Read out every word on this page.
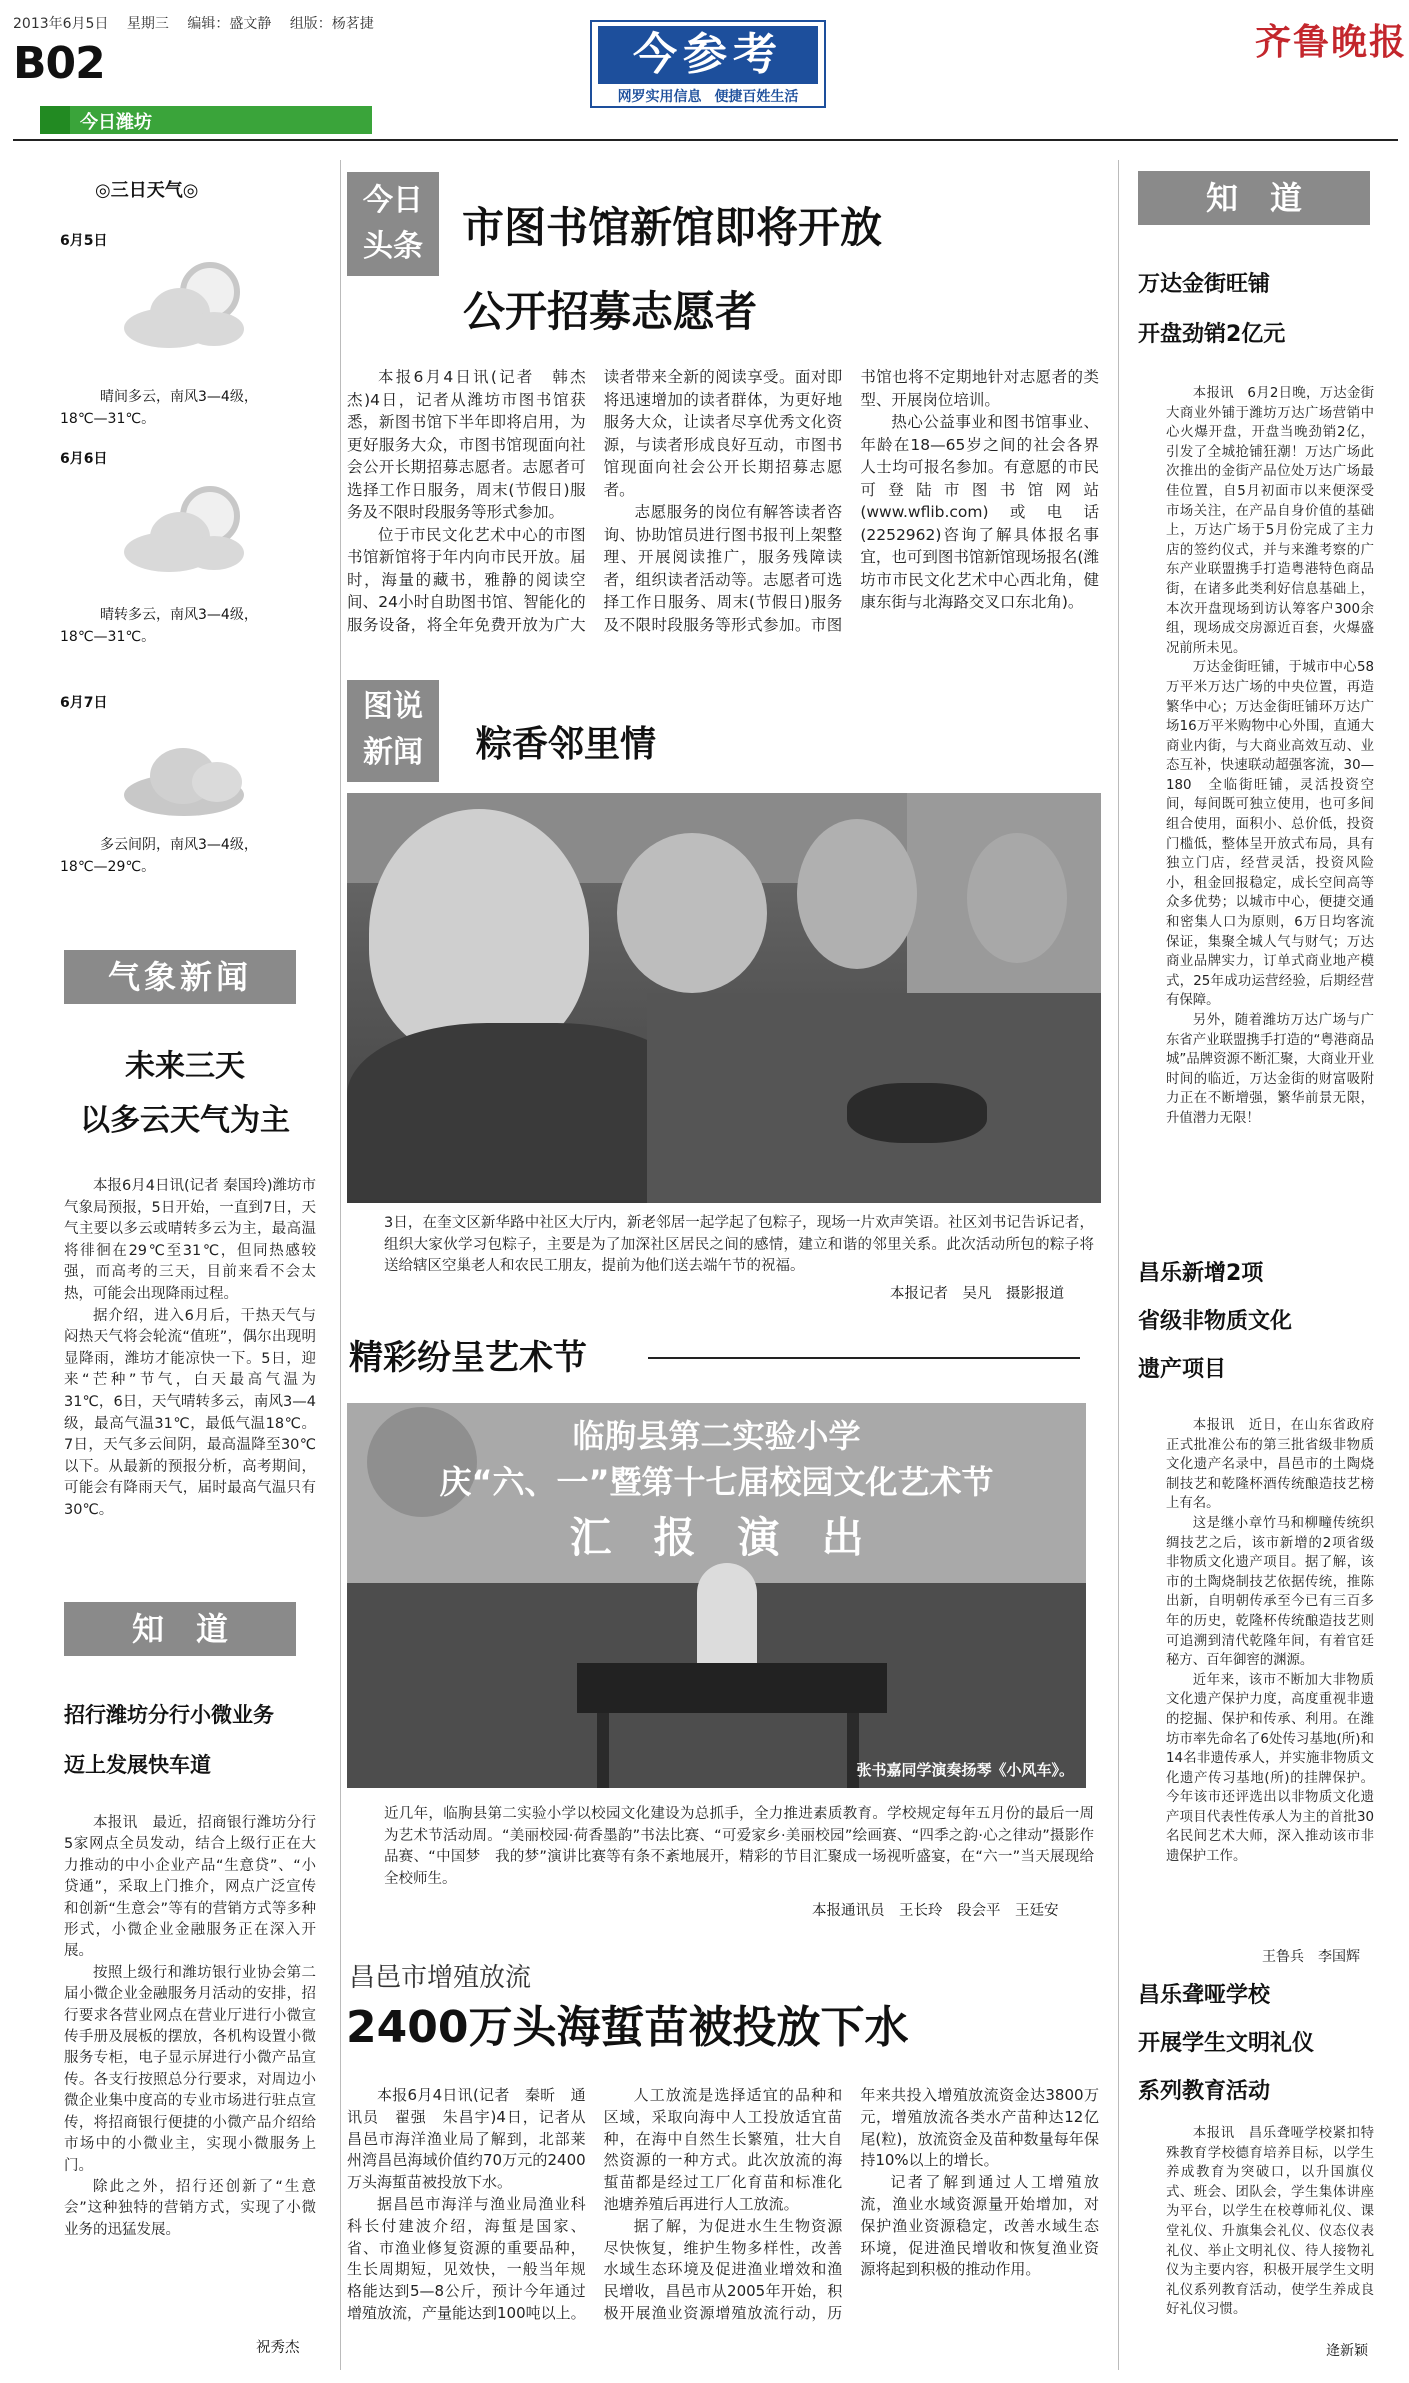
2013年6月5日 星期三 编辑：盛文静 组版：杨茗捷
B02
今日潍坊
今参考
网罗实用信息 便捷百姓生活
齐鲁晚报
◎三日天气◎
6月5日
晴间多云，南风3—4级，
18℃—31℃。
6月6日
晴转多云，南风3—4级，
18℃—31℃。
6月7日
多云间阴，南风3—4级，
18℃—29℃。
气象新闻
未来三天
以多云天气为主

本报6月4日讯(记者 秦国玲)潍坊市气象局预报，5日开始，一直到7日，天气主要以多云或晴转多云为主，最高温将徘徊在29℃至31℃，但同热感较强，而高考的三天，目前来看不会太热，可能会出现降雨过程。

据介绍，进入6月后，干热天气与闷热天气将会轮流“值班”，偶尔出现明显降雨，潍坊才能凉快一下。5日，迎来“芒种”节气，白天最高气温为31℃，6日，天气晴转多云，南风3—4级，最高气温31℃，最低气温18℃。7日，天气多云间阴，最高温降至30℃以下。从最新的预报分析，高考期间，可能会有降雨天气，届时最高气温只有30℃。

知　道
招行潍坊分行小微业务
迈上发展快车道

本报讯　最近，招商银行潍坊分行5家网点全员发动，结合上级行正在大力推动的中小企业产品“生意贷”、“小贷通”，采取上门推介，网点广泛宣传和创新“生意会”等有的营销方式等多种形式，小微企业金融服务正在深入开展。

按照上级行和潍坊银行业协会第二届小微企业金融服务月活动的安排，招行要求各营业网点在营业厅进行小微宣传手册及展板的摆放，各机构设置小微服务专柜，电子显示屏进行小微产品宣传。各支行按照总分行要求，对周边小微企业集中度高的专业市场进行驻点宣传，将招商银行便捷的小微产品介绍给市场中的小微业主，实现小微服务上门。

除此之外，招行还创新了“生意会”这种独特的营销方式，实现了小微业务的迅猛发展。

祝秀杰
今日
头条 市图书馆新馆即将开放
公开招募志愿者

本报6月4日讯(记者　韩杰杰)4日，记者从潍坊市图书馆获悉，新图书馆下半年即将启用，为更好服务大众，市图书馆现面向社会公开长期招募志愿者。志愿者可选择工作日服务，周末(节假日)服务及不限时段服务等形式参加。

位于市民文化艺术中心的市图书馆新馆将于年内向市民开放。届时，海量的藏书，雅静的阅读空间、24小时自助图书馆、智能化的服务设备，将全年免费开放为广大读者带来全新的阅读享受。面对即将迅速增加的读者群体，为更好地服务大众，让读者尽享优秀文化资源，与读者形成良好互动，市图书馆现面向社会公开长期招募志愿者。

志愿服务的岗位有解答读者咨询、协助馆员进行图书报刊上架整理、开展阅读推广，服务残障读者，组织读者活动等。志愿者可选择工作日服务、周末(节假日)服务及不限时段服务等形式参加。市图书馆也将不定期地针对志愿者的类型、开展岗位培训。

热心公益事业和图书馆事业、年龄在18—65岁之间的社会各界人士均可报名参加。有意愿的市民可登陆市图书馆网站(www.wflib.com)或电话(2252962)咨询了解具体报名事宜，也可到图书馆新馆现场报名(潍坊市市民文化艺术中心西北角，健康东街与北海路交叉口东北角)。

图说
新闻	粽香邻里情
3日，在奎文区新华路中社区大厅内，新老邻居一起学起了包粽子，现场一片欢声笑语。社区刘书记告诉记者，组织大家伙学习包粽子，主要是为了加深社区居民之间的感情，建立和谐的邻里关系。此次活动所包的粽子将送给辖区空巢老人和农民工朋友，提前为他们送去端午节的祝福。
本报记者　吴凡　摄影报道
精彩纷呈艺术节
临朐县第二实验小学
庆“六、一”暨第十七届校园文化艺术节
汇　报　演　出
张书嘉同学演奏扬琴《小风车》。
近几年，临朐县第二实验小学以校园文化建设为总抓手，全力推进素质教育。学校规定每年五月份的最后一周为艺术节活动周。“美丽校园·荷香墨韵”书法比赛、“可爱家乡·美丽校园”绘画赛、“四季之韵·心之律动”摄影作品赛、“中国梦　我的梦”演讲比赛等有条不紊地展开，精彩的节目汇聚成一场视听盛宴，在“六一”当天展现给全校师生。
本报通讯员　王长玲　段会平　王廷安
昌邑市增殖放流
2400万头海蜇苗被投放下水

本报6月4日讯(记者　秦昕　通讯员　翟强　朱昌宇)4日，记者从昌邑市海洋渔业局了解到，北部莱州湾昌邑海域价值约70万元的2400万头海蜇苗被投放下水。

据昌邑市海洋与渔业局渔业科科长付建波介绍，海蜇是国家、省、市渔业修复资源的重要品种，生长周期短，见效快，一般当年规格能达到5—8公斤，预计今年通过增殖放流，产量能达到100吨以上。

人工放流是选择适宜的品种和区域，采取向海中人工投放适宜苗种，在海中自然生长繁殖，壮大自然资源的一种方式。此次放流的海蜇苗都是经过工厂化育苗和标准化池塘养殖后再进行人工放流。

据了解，为促进水生生物资源尽快恢复，维护生物多样性，改善水域生态环境及促进渔业增效和渔民增收，昌邑市从2005年开始，积极开展渔业资源增殖放流行动，历年来共投入增殖放流资金达3800万元，增殖放流各类水产苗种达12亿尾(粒)，放流资金及苗种数量每年保持10%以上的增长。

记者了解到通过人工增殖放流，渔业水域资源量开始增加，对保护渔业资源稳定，改善水域生态环境，促进渔民增收和恢复渔业资源将起到积极的推动作用。

知　道
万达金街旺铺
开盘劲销2亿元

本报讯　6月2日晚，万达金街大商业外铺于潍坊万达广场营销中心火爆开盘，开盘当晚劲销2亿，引发了全城抢铺狂潮！万达广场此次推出的金街产品位处万达广场最佳位置，自5月初面市以来便深受市场关注，在产品自身价值的基础上，万达广场于5月份完成了主力店的签约仪式，并与来潍考察的广东产业联盟携手打造粤港特色商品街，在诸多此类利好信息基础上，本次开盘现场到访认筹客户300余组，现场成交房源近百套，火爆盛况前所未见。

万达金街旺铺，于城市中心58万平米万达广场的中央位置，再造繁华中心；万达金街旺铺环万达广场16万平米购物中心外围，直通大商业内街，与大商业高效互动、业态互补，快速联动超强客流，30—180　全临街旺铺，灵活投资空间，每间既可独立使用，也可多间组合使用，面积小、总价低，投资门槛低，整体呈开放式布局，具有独立门店，经营灵活，投资风险小，租金回报稳定，成长空间高等众多优势；以城市中心，便捷交通和密集人口为原则，6万日均客流保证，集聚全城人气与财气；万达商业品牌实力，订单式商业地产模式，25年成功运营经验，后期经营有保障。

另外，随着潍坊万达广场与广东省产业联盟携手打造的“粤港商品城”品牌资源不断汇聚，大商业开业时间的临近，万达金街的财富吸附力正在不断增强，繁华前景无限，升值潜力无限！

昌乐新增2项
省级非物质文化
遗产项目

本报讯　近日，在山东省政府正式批准公布的第三批省级非物质文化遗产名录中，昌邑市的土陶烧制技艺和乾隆杯酒传统酿造技艺榜上有名。

这是继小章竹马和柳疃传统织绸技艺之后，该市新增的2项省级非物质文化遗产项目。据了解，该市的土陶烧制技艺依据传统，推陈出新，自明朝传承至今已有三百多年的历史，乾隆杯传统酿造技艺则可追溯到清代乾隆年间，有着官廷秘方、百年御窖的渊源。

近年来，该市不断加大非物质文化遗产保护力度，高度重视非遗的挖掘、保护和传承、利用。在潍坊市率先命名了6处传习基地(所)和14名非遗传承人，并实施非物质文化遗产传习基地(所)的挂牌保护。今年该市还评选出以非物质文化遗产项目代表性传承人为主的首批30名民间艺术大师，深入推动该市非遗保护工作。

王鲁兵　李国辉
昌乐聋哑学校
开展学生文明礼仪
系列教育活动

本报讯　昌乐聋哑学校紧扣特殊教育学校德育培养目标，以学生养成教育为突破口，以升国旗仪式、班会、团队会，学生集体讲座为平台，以学生在校尊师礼仪、课堂礼仪、升旗集会礼仪、仪态仪表礼仪、举止文明礼仪、待人接物礼仪为主要内容，积极开展学生文明礼仪系列教育活动，使学生养成良好礼仪习惯。

逄新颖
